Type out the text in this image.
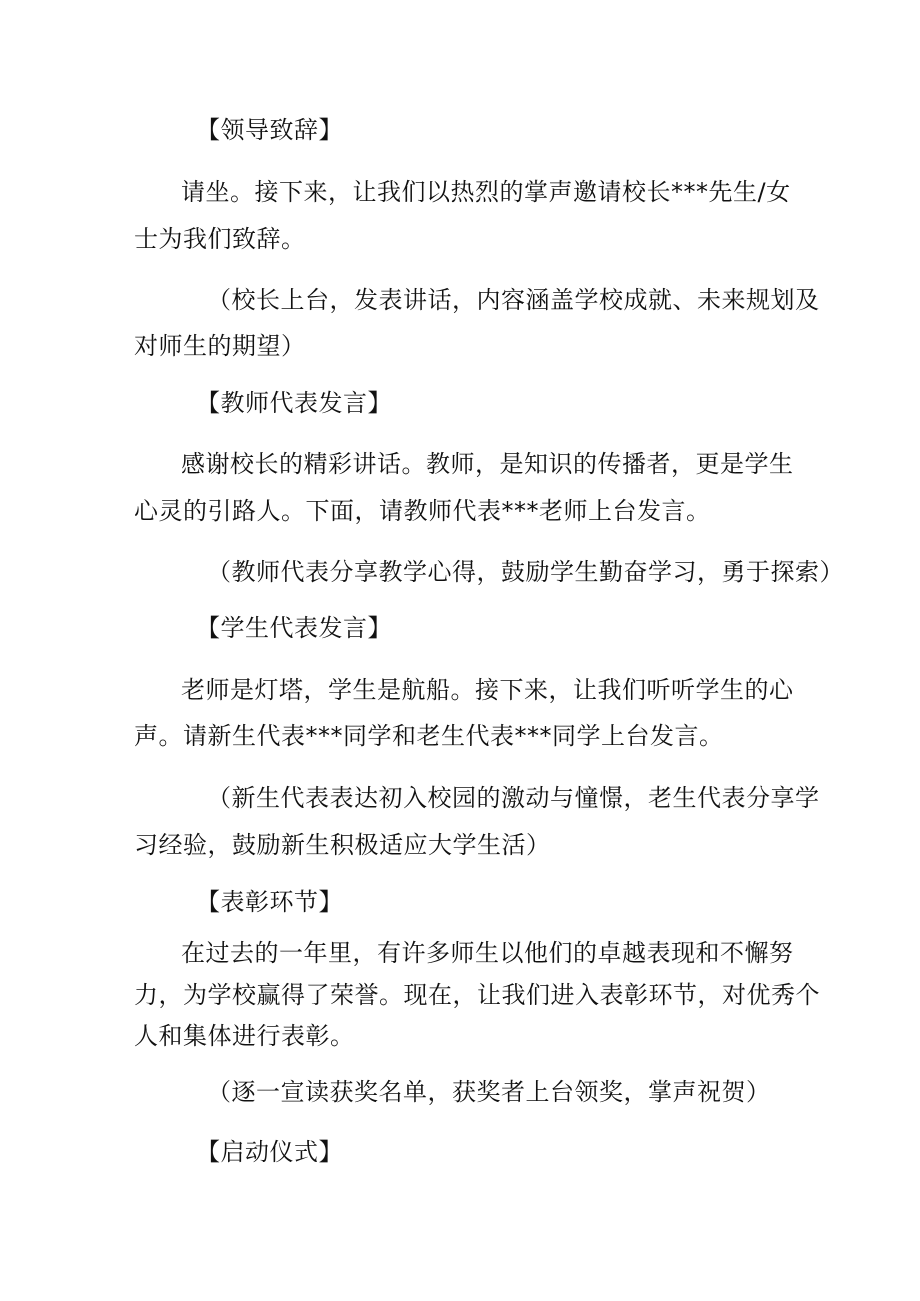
【领导致辞】
请坐。接下来，让我们以热烈的掌声邀请校长***先生/女
士为我们致辞。
（校长上台，发表讲话，内容涵盖学校成就、未来规划及
对师生的期望）
【教师代表发言】
感谢校长的精彩讲话。教师，是知识的传播者，更是学生
心灵的引路人。下面，请教师代表***老师上台发言。
（教师代表分享教学心得，鼓励学生勤奋学习，勇于探索）
【学生代表发言】
老师是灯塔，学生是航船。接下来，让我们听听学生的心
声。请新生代表***同学和老生代表***同学上台发言。
（新生代表表达初入校园的激动与憧憬，老生代表分享学
习经验，鼓励新生积极适应大学生活）
【表彰环节】
在过去的一年里，有许多师生以他们的卓越表现和不懈努
力，为学校赢得了荣誉。现在，让我们进入表彰环节，对优秀个
人和集体进行表彰。
（逐一宣读获奖名单，获奖者上台领奖，掌声祝贺）
【启动仪式】
